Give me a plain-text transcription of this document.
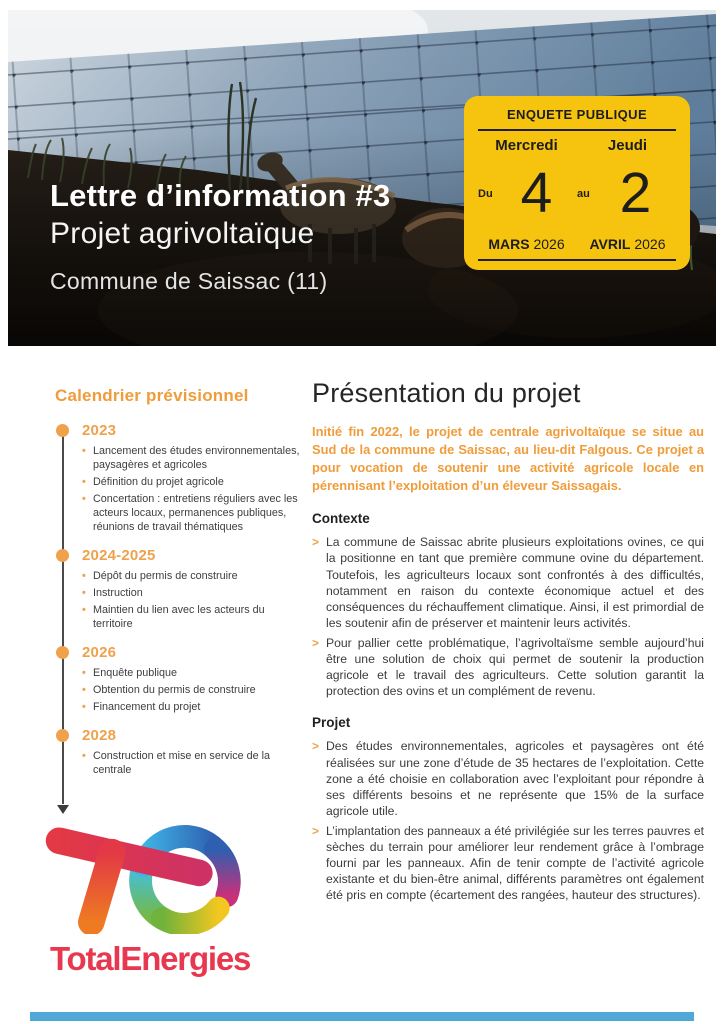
Lettre d’information #3
Projet agrivoltaïque

Commune de Saissac (11)

ENQUETE PUBLIQUE
Mercredi	Jeudi
Du 4	au 2
MARS 2026	AVRIL 2026
Calendrier prévisionnel
2023
• Lancement des études environnementales, paysagères et agricoles
• Définition du projet agricole
• Concertation : entretiens réguliers avec les acteurs locaux, permanences publiques, réunions de travail thématiques
2024-2025
• Dépôt du permis de construire
• Instruction
• Maintien du lien avec les acteurs du territoire
2026
• Enquête publique
• Obtention du permis de construire
• Financement du projet
2028
• Construction et mise en service de la centrale
Présentation du projet

Initié fin 2022, le projet de centrale agrivoltaïque se situe au Sud de la commune de Saissac, au lieu-dit Falgous. Ce projet a pour vocation de soutenir une activité agricole locale en pérennisant l’exploitation d’un éleveur Saissagais.

Contexte
> La commune de Saissac abrite plusieurs exploitations ovines, ce qui la positionne en tant que première commune ovine du département. Toutefois, les agriculteurs locaux sont confrontés à des difficultés, notamment en raison du contexte économique actuel et des conséquences du réchauffement climatique. Ainsi, il est primordial de les soutenir afin de préserver et maintenir leurs activités.

> Pour pallier cette problématique, l’agrivoltaïsme semble aujourd’hui être une solution de choix qui permet de soutenir la production agricole et le travail des agriculteurs. Cette solution garantit la protection des ovins et un complément de revenu.

Projet
> Des études environnementales, agricoles et paysagères ont été réalisées sur une zone d’étude de 35 hectares de l’exploitation. Cette zone a été choisie en collaboration avec l’exploitant pour répondre à ses différents besoins et ne représente que 15% de la surface agricole utile.

> L’implantation des panneaux a été privilégiée sur les terres pauvres et sèches du terrain pour améliorer leur rendement grâce à l’ombrage fourni par les panneaux. Afin de tenir compte de l’activité agricole existante et du bien-être animal, différents paramètres ont également été pris en compte (écartement des rangées, hauteur des structures).

TotalEnergies
